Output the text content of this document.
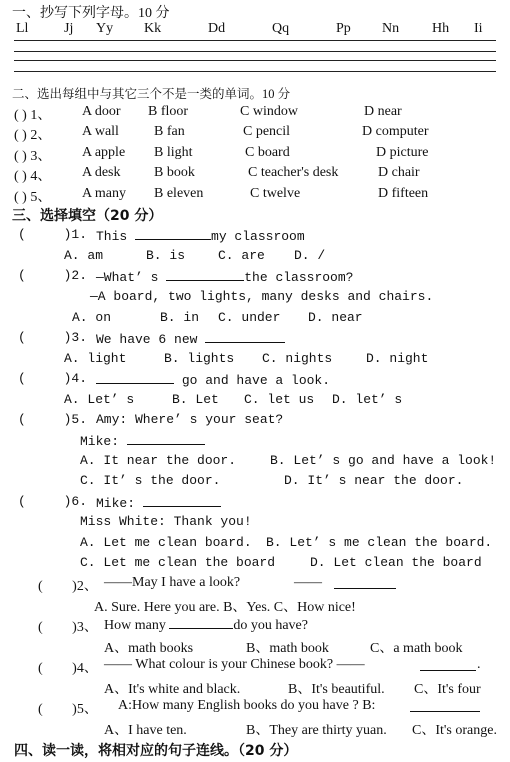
一、抄写下列字母。10 分
Ll	Jj Yy Kk	Dd	Qq	Pp Nn Hh Ii
二、选出每组中与其它三个不是一类的单词。10 分
( ) 1、 A door B floor	C window	D near
( ) 2、 A wall	B fan	C pencil	D computer
( ) 3、 A apple B light	C board	D picture
( ) 4、 A desk B book	C teacher's desk	D chair
( ) 5、 A many B eleven	C twelve	D fifteen
三、选择填空（20 分）
( )1. This	my classroom
A. am	B. is	C. are D. /
( )2. —What’ s	the classroom?
—A board, two lights, many desks and chairs.
A. on	B. in C. under D. near
( )3. We have 6 new
A. light	B. lights C. nights	D. night
( )4.	go and have a look.
A. Let’ s	B. Let C. let us D. let’ s
( )5. Amy: Where’ s your seat?
Mike:
A. It near the door.	B. Let’ s go and have a look!
C. It’ s the door.	D. It’ s near the door.
( )6. Mike:
Miss White: Thank you!
A. Let me clean board. B. Let’ s me clean the board.
C. Let me clean the board	D. Let clean the board
( )2、 ——May I have a look?	——
A. Sure. Here you are. B、Yes. C、How nice!
( )3、 How many	do you have?
A、math books	B、math book	C、a math book
( )4、 —— What colour is your Chinese book? ——	.
A、It's white and black.	B、It's beautiful. C、It's four
( )5、 A:How many English books do you have ? B:
A、I have ten.	B、They are thirty yuan. C、It's orange.
四、读一读，将相对应的句子连线。（20 分）
